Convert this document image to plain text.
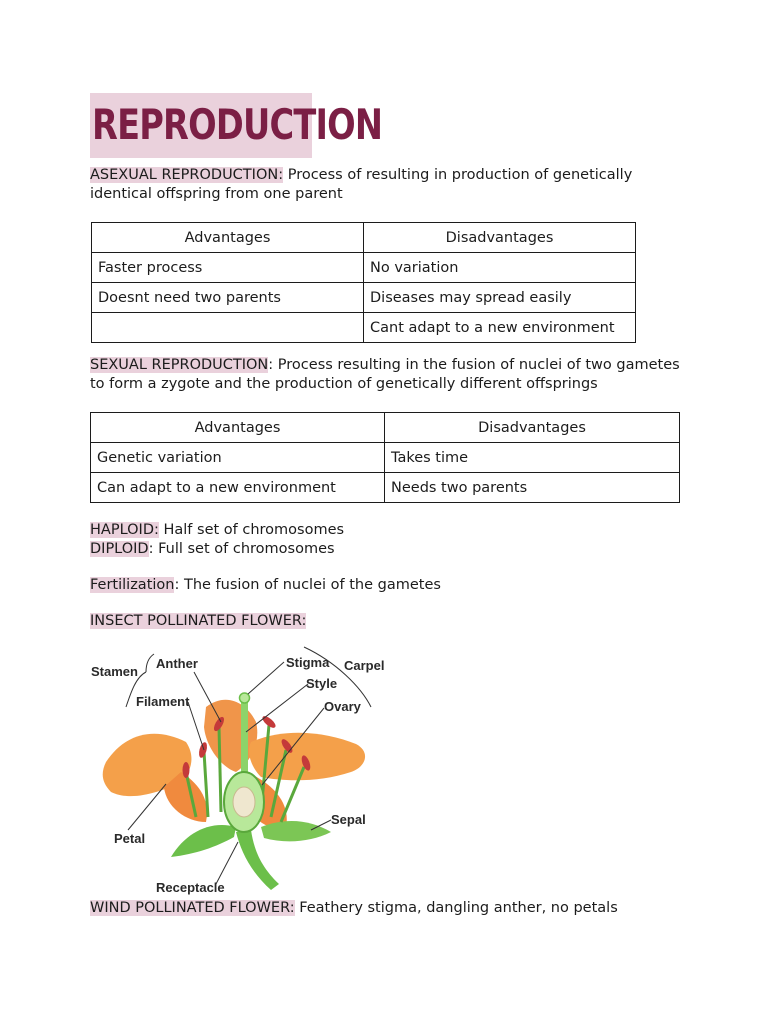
REPRODUCTION

ASEXUAL REPRODUCTION: Process of resulting in production of genetically identical offspring from one parent

Advantages	Disadvantages
Faster process	No variation
Doesnt need two parents	Diseases may spread easily
	Cant adapt to a new environment

SEXUAL REPRODUCTION: Process resulting in the fusion of nuclei of two gametes to form a zygote and the production of genetically different offsprings

Advantages	Disadvantages
Genetic variation	Takes time
Can adapt to a new environment	Needs two parents

HAPLOID: Half set of chromosomes

DIPLOID: Full set of chromosomes

Fertilization: The fusion of nuclei of the gametes

INSECT POLLINATED FLOWER:

Stamen
Anther
Filament
Stigma Carpel
Style
Ovary
Petal
Sepal
Receptacle

WIND POLLINATED FLOWER: Feathery stigma, dangling anther, no petals
